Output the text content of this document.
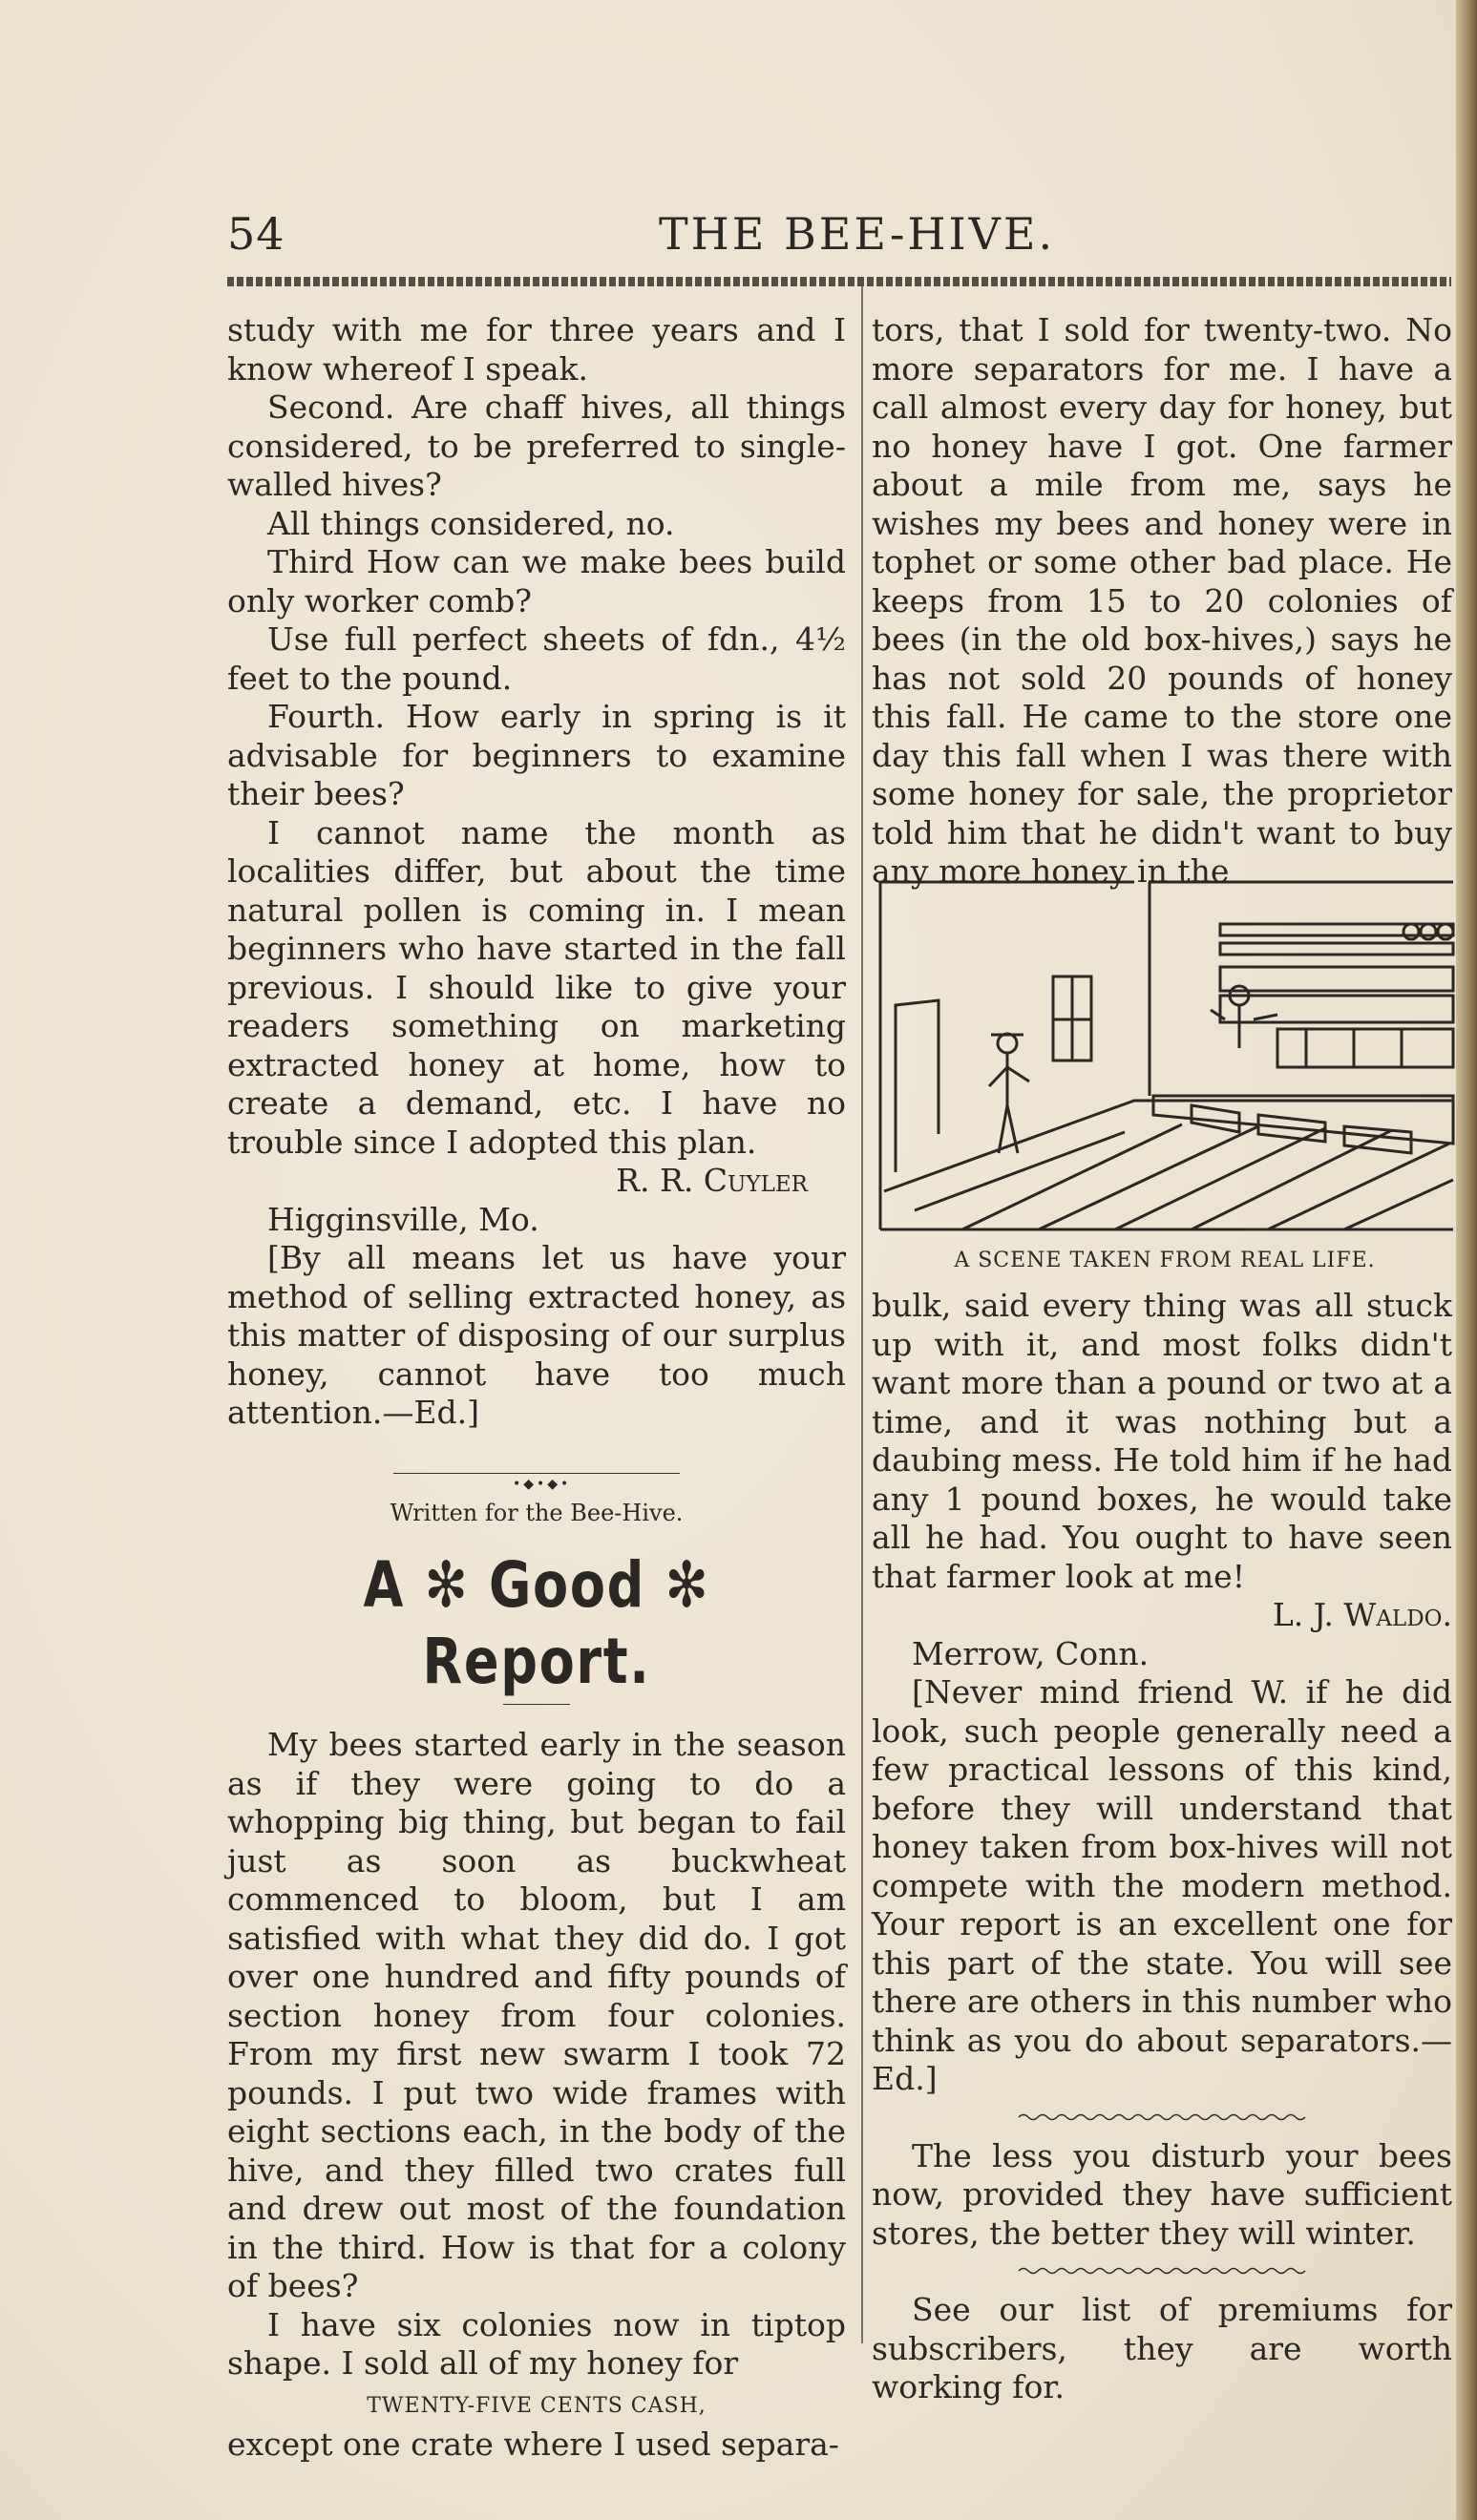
54	THE BEE-HIVE.

study with me for three years and I know whereof I speak.

Second. Are chaff hives, all things considered, to be preferred to single-walled hives?

All things considered, no.

Third How can we make bees build only worker comb?

Use full perfect sheets of fdn., 4½ feet to the pound.

Fourth. How early in spring is it advisable for beginners to examine their bees?

I cannot name the month as localities differ, but about the time natural pollen is coming in. I mean beginners who have started in the fall previous. I should like to give your readers something on marketing extracted honey at home, how to create a demand, etc. I have no trouble since I adopted this plan.

R. R. Cuyler

Higginsville, Mo.

[By all means let us have your method of selling extracted honey, as this matter of disposing of our surplus honey, cannot have too much attention.—Ed.]

•◆•◆•
Written for the Bee-Hive.
A ✻ Good ✻ Report.

My bees started early in the season as if they were going to do a whopping big thing, but began to fail just as soon as buckwheat commenced to bloom, but I am satisfied with what they did do. I got over one hundred and fifty pounds of section honey from four colonies. From my first new swarm I took 72 pounds. I put two wide frames with eight sections each, in the body of the hive, and they filled two crates full and drew out most of the foundation in the third. How is that for a colony of bees?

I have six colonies now in tiptop shape. I sold all of my honey for

TWENTY-FIVE CENTS CASH,

except one crate where I used separa-

tors, that I sold for twenty-two. No more separators for me. I have a call almost every day for honey, but no honey have I got. One farmer about a mile from me, says he wishes my bees and honey were in tophet or some other bad place. He keeps from 15 to 20 colonies of bees (in the old box-hives,) says he has not sold 20 pounds of honey this fall. He came to the store one day this fall when I was there with some honey for sale, the proprietor told him that he didn't want to buy any more honey in the

A SCENE TAKEN FROM REAL LIFE.

bulk, said every thing was all stuck up with it, and most folks didn't want more than a pound or two at a time, and it was nothing but a daubing mess. He told him if he had any 1 pound boxes, he would take all he had. You ought to have seen that farmer look at me!

L. J. Waldo.

Merrow, Conn.

[Never mind friend W. if he did look, such people generally need a few practical lessons of this kind, before they will understand that honey taken from box-hives will not compete with the modern method. Your report is an excellent one for this part of the state. You will see there are others in this number who think as you do about separators.—Ed.]

The less you disturb your bees now, provided they have sufficient stores, the better they will winter.

See our list of premiums for subscribers, they are worth working for.
